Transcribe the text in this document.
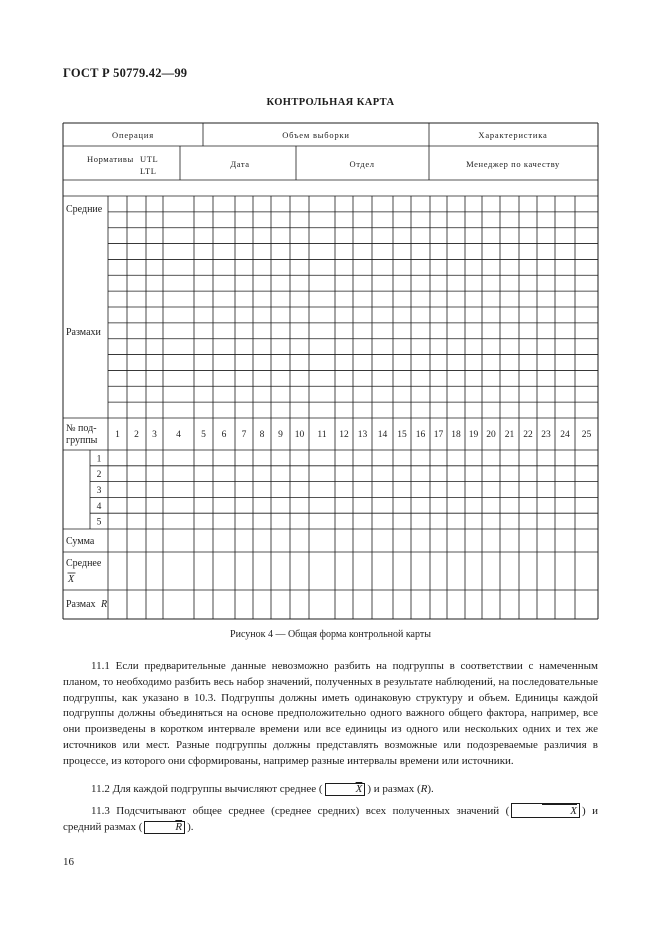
ГОСТ Р 50779.42—99
КОНТРОЛЬНАЯ КАРТА
Операция	Объем выборки	Характеристика
Нормативы UTL
LTL
Дата	Отдел	Менеджер по качеству
Средние
Размахи
№ под-
группы 1 2 3 4 5 6 7 8 9 10 11 12 13 14 15 16 17 18 19 20 21 22 23 24 25
1
2
3
4
5
Сумма
Среднее
X
Размах R
Рисунок 4 — Общая форма контрольной карты
11.1 Если предварительные данные невозможно разбить на подгруппы в соответствии с намеченным планом, то необходимо разбить весь набор значений, полученных в результате наблюдений, на последовательные подгруппы, как указано в 10.3. Подгруппы должны иметь одинаковую структуру и объем. Единицы каждой подгруппы должны объединяться на основе предположительно одного важного общего фактора, например, все они произведены в коротком интервале времени или все единицы из одного или нескольких одних и тех же источников или мест. Разные подгруппы должны представлять возможные или подозреваемые различия в процессе, из которого они сформированы, например разные интервалы времени или источники.
11.2 Для каждой подгруппы вычисляют среднее (	$\overline{X}$ ) и размах (R).
11.3 Подсчитывают общее среднее (среднее средних) всех полученных значений (	$\overline{X}$ ) и средний размах (	$\overline{R}$ ).
16
